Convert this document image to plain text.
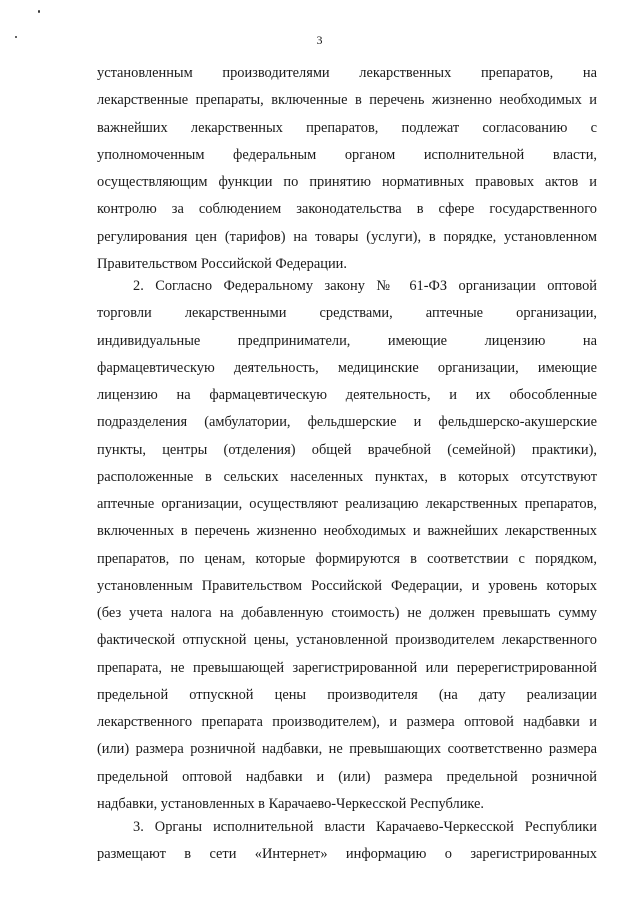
3
установленным производителями лекарственных препаратов, на
лекарственные препараты, включенные в перечень жизненно необходимых и
важнейших лекарственных препаратов, подлежат согласованию с
уполномоченным федеральным органом исполнительной власти,
осуществляющим функции по принятию нормативных правовых актов и
контролю за соблюдением законодательства в сфере государственного
регулирования цен (тарифов) на товары (услуги), в порядке, установленном
Правительством Российской Федерации.
2. Согласно Федеральному закону № 61-ФЗ организации оптовой
торговли лекарственными средствами, аптечные организации,
индивидуальные предприниматели, имеющие лицензию на
фармацевтическую деятельность, медицинские организации, имеющие
лицензию на фармацевтическую деятельность, и их обособленные
подразделения (амбулатории, фельдшерские и фельдшерско-акушерские
пункты, центры (отделения) общей врачебной (семейной) практики),
расположенные в сельских населенных пунктах, в которых отсутствуют
аптечные организации, осуществляют реализацию лекарственных препаратов,
включенных в перечень жизненно необходимых и важнейших лекарственных
препаратов, по ценам, которые формируются в соответствии с порядком,
установленным Правительством Российской Федерации, и уровень которых
(без учета налога на добавленную стоимость) не должен превышать сумму
фактической отпускной цены, установленной производителем лекарственного
препарата, не превышающей зарегистрированной или перерегистрированной
предельной отпускной цены производителя (на дату реализации
лекарственного препарата производителем), и размера оптовой надбавки и
(или) размера розничной надбавки, не превышающих соответственно размера
предельной оптовой надбавки и (или) размера предельной розничной
надбавки, установленных в Карачаево-Черкесской Республике.
3. Органы исполнительной власти Карачаево-Черкесской Республики
размещают в сети «Интернет» информацию о зарегистрированных
